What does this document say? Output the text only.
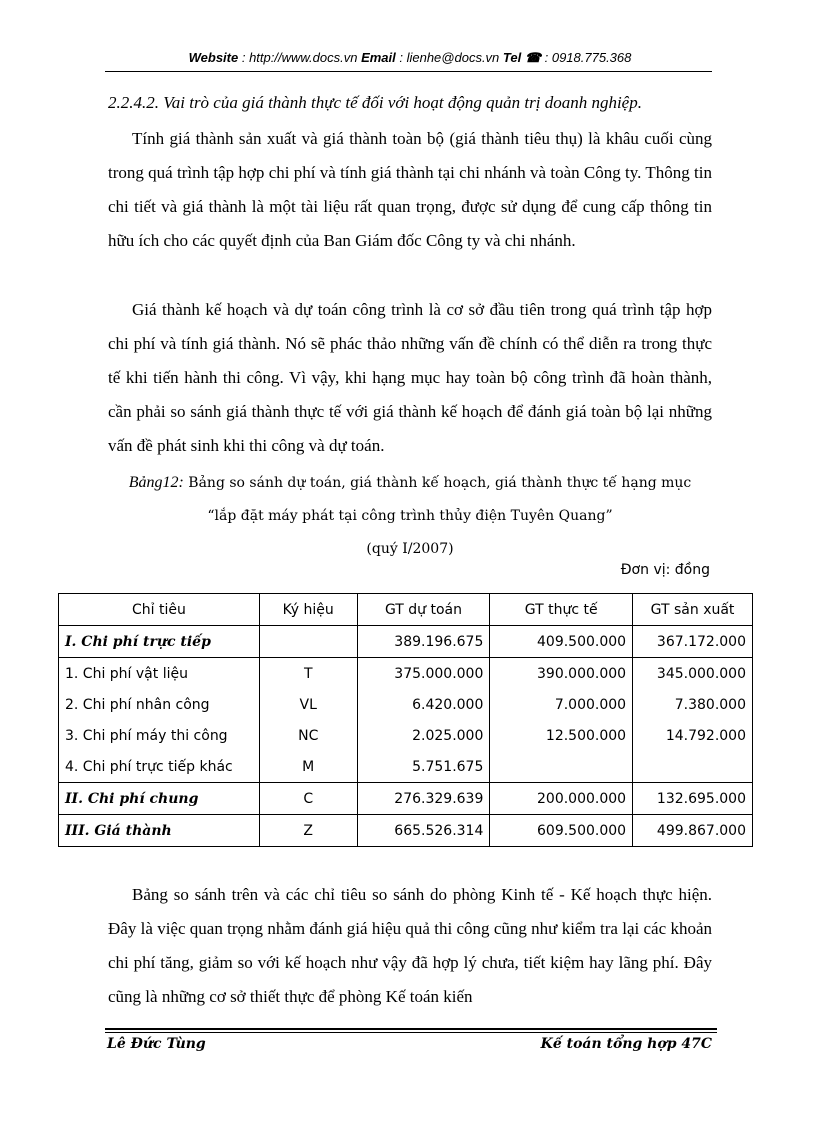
Website : http://www.docs.vn Email : lienhe@docs.vn Tel ☎ : 0918.775.368
2.2.4.2. Vai trò của giá thành thực tế đối với hoạt động quản trị doanh nghiệp.
Tính giá thành sản xuất và giá thành toàn bộ (giá thành tiêu thụ) là khâu cuối cùng trong quá trình tập hợp chi phí và tính giá thành tại chi nhánh và toàn Công ty. Thông tin chi tiết và giá thành là một tài liệu rất quan trọng, được sử dụng để cung cấp thông tin hữu ích cho các quyết định của Ban Giám đốc Công ty và chi nhánh.
Giá thành kế hoạch và dự toán công trình là cơ sở đầu tiên trong quá trình tập hợp chi phí và tính giá thành. Nó sẽ phác thảo những vấn đề chính có thể diễn ra trong thực tế khi tiến hành thi công. Vì vậy, khi hạng mục hay toàn bộ công trình đã hoàn thành, cần phải so sánh giá thành thực tế với giá thành kế hoạch để đánh giá toàn bộ lại những vấn đề phát sinh khi thi công và dự toán.
Bảng12: Bảng so sánh dự toán, giá thành kế hoạch, giá thành thực tế hạng mục
“lắp đặt máy phát tại công trình thủy điện Tuyên Quang”
(quý I/2007)
Đơn vị: đồng
Chỉ tiêu	Ký hiệu	GT dự toán	GT thực tế	GT sản xuất
I. Chi phí trực tiếp		389.196.675	409.500.000	367.172.000
1. Chi phí vật liệu	T	375.000.000	390.000.000	345.000.000
2. Chi phí nhân công	VL	6.420.000	7.000.000	7.380.000
3. Chi phí máy thi công	NC	2.025.000	12.500.000	14.792.000
4. Chi phí trực tiếp khác	M	5.751.675		
II. Chi phí chung	C	276.329.639	200.000.000	132.695.000
III. Giá thành	Z	665.526.314	609.500.000	499.867.000
Bảng so sánh trên và các chỉ tiêu so sánh do phòng Kinh tế - Kế hoạch thực hiện. Đây là việc quan trọng nhằm đánh giá hiệu quả thi công cũng như kiểm tra lại các khoản chi phí tăng, giảm so với kế hoạch như vậy đã hợp lý chưa, tiết kiệm hay lãng phí. Đây cũng là những cơ sở thiết thực để phòng Kế toán kiến
Lê Đức Tùng	Kế toán tổng hợp 47C
